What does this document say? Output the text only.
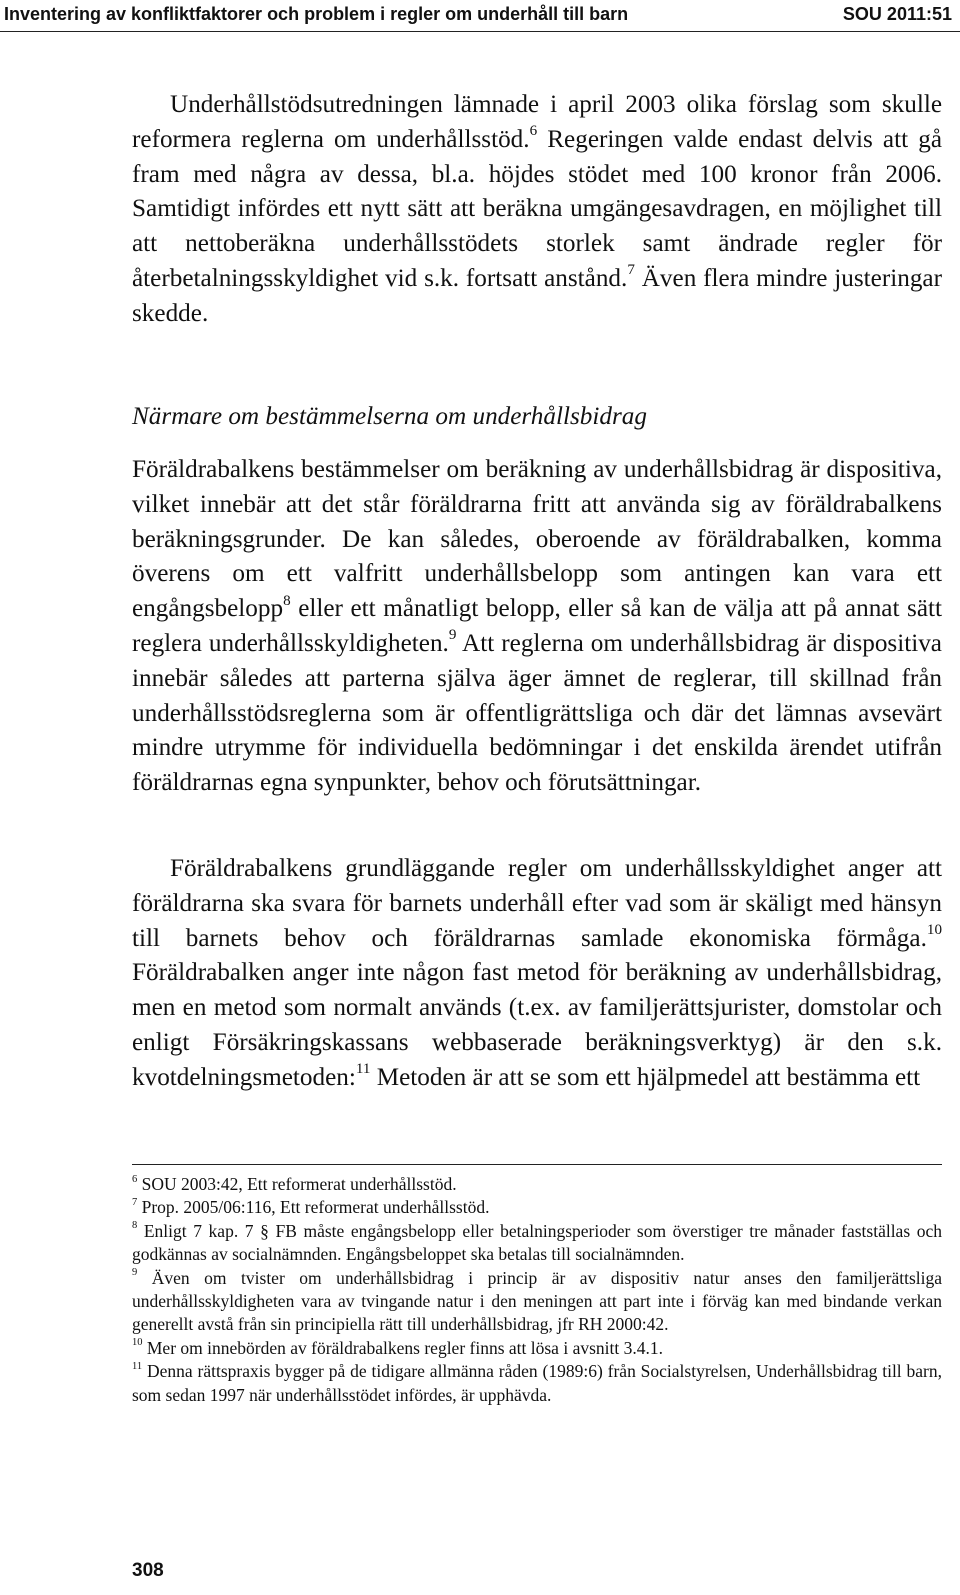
Inventering av konfliktfaktorer och problem i regler om underhåll till barn	SOU 2011:51

Underhållstödsutredningen lämnade i april 2003 olika förslag som skulle reformera reglerna om underhållsstöd.$^6$ Regeringen valde endast delvis att gå fram med några av dessa, bl.a. höjdes stödet med 100 kronor från 2006. Samtidigt infördes ett nytt sätt att beräkna umgängesavdragen, en möjlighet till att nettoberäkna underhållsstödets storlek samt ändrade regler för återbetalningsskyldighet vid s.k. fortsatt anstånd.$^7$ Även flera mindre justeringar skedde.

Närmare om bestämmelserna om underhållsbidrag

Föräldrabalkens bestämmelser om beräkning av underhållsbidrag är dispositiva, vilket innebär att det står föräldrarna fritt att använda sig av föräldrabalkens beräkningsgrunder. De kan således, oberoende av föräldrabalken, komma överens om ett valfritt underhållsbelopp som antingen kan vara ett engångsbelopp$^8$ eller ett månatligt belopp, eller så kan de välja att på annat sätt reglera underhållsskyldigheten.$^9$ Att reglerna om underhållsbidrag är dispositiva innebär således att parterna själva äger ämnet de reglerar, till skillnad från underhållsstödsreglerna som är offentligrättsliga och där det lämnas avsevärt mindre utrymme för individuella bedömningar i det enskilda ärendet utifrån föräldrarnas egna synpunkter, behov och förutsättningar.

Föräldrabalkens grundläggande regler om underhållsskyldighet anger att föräldrarna ska svara för barnets underhåll efter vad som är skäligt med hänsyn till barnets behov och föräldrarnas samlade ekonomiska förmåga.$^{10}$ Föräldrabalken anger inte någon fast metod för beräkning av underhållsbidrag, men en metod som normalt används (t.ex. av familjerättsjurister, domstolar och enligt Försäkringskassans webbaserade beräkningsverktyg) är den s.k. kvotdelningsmetoden:$^{11}$ Metoden är att se som ett hjälpmedel att bestämma ett

$^6$ SOU 2003:42, Ett reformerat underhållsstöd.

$^7$ Prop. 2005/06:116, Ett reformerat underhållsstöd.

$^8$ Enligt 7 kap. 7 § FB måste engångsbelopp eller betalningsperioder som överstiger tre månader fastställas och godkännas av socialnämnden. Engångsbeloppet ska betalas till socialnämnden.

$^9$ Även om tvister om underhållsbidrag i princip är av dispositiv natur anses den familjerättsliga underhållsskyldigheten vara av tvingande natur i den meningen att part inte i förväg kan med bindande verkan generellt avstå från sin principiella rätt till underhållsbidrag, jfr RH 2000:42.

$^{10}$ Mer om innebörden av föräldrabalkens regler finns att lösa i avsnitt 3.4.1.

$^{11}$ Denna rättspraxis bygger på de tidigare allmänna råden (1989:6) från Socialstyrelsen, Underhållsbidrag till barn, som sedan 1997 när underhållsstödet infördes, är upphävda.

308
